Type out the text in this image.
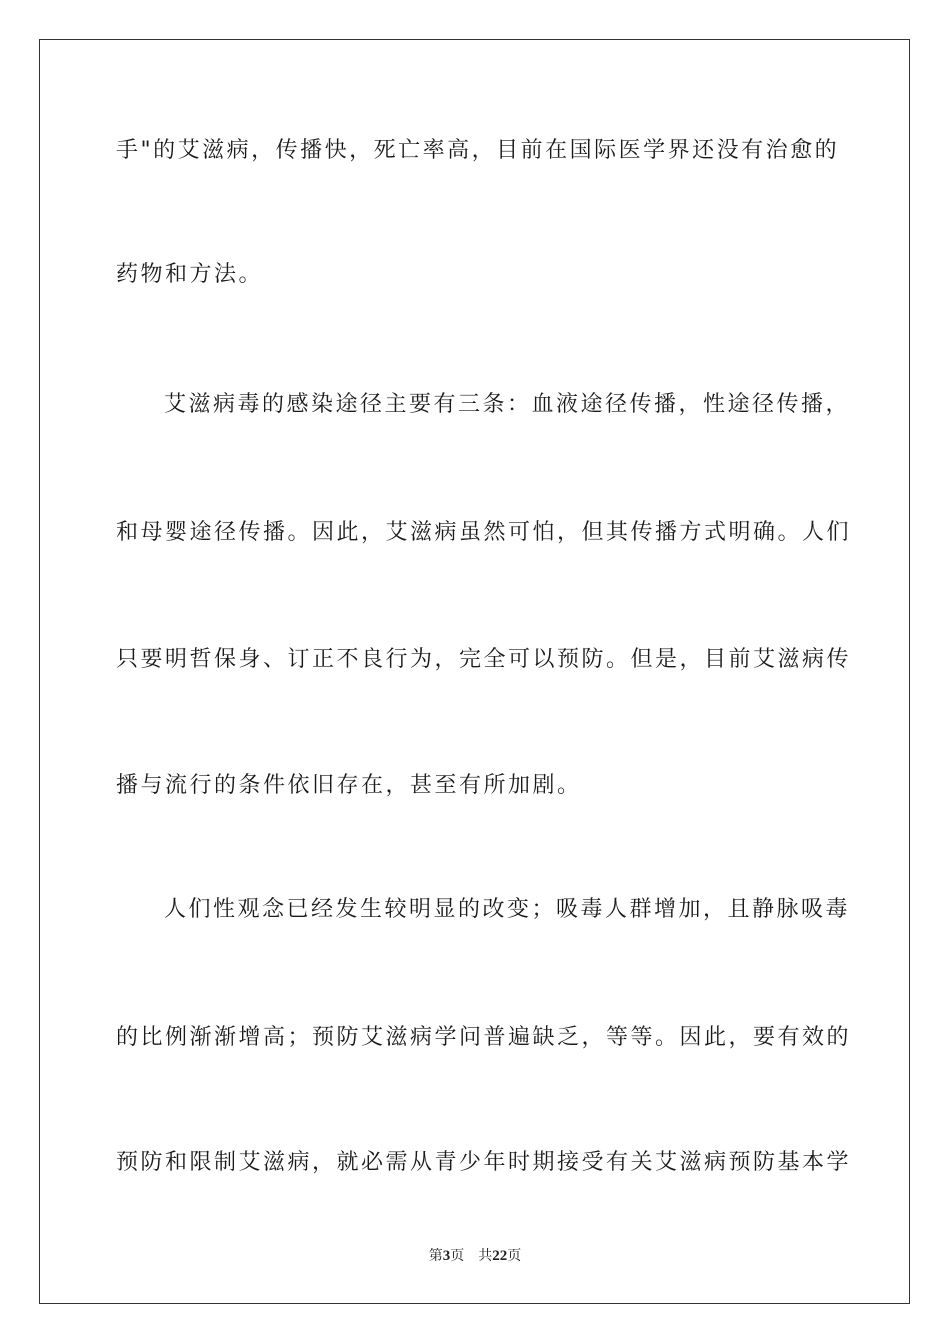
手"的艾滋病，传播快，死亡率高，目前在国际医学界还没有治愈的
药物和方法。
艾滋病毒的感染途径主要有三条：血液途径传播，性途径传播，
和母婴途径传播。因此，艾滋病虽然可怕，但其传播方式明确。人们
只要明哲保身、订正不良行为，完全可以预防。但是，目前艾滋病传
播与流行的条件依旧存在，甚至有所加剧。
人们性观念已经发生较明显的改变；吸毒人群增加，且静脉吸毒
的比例渐渐增高；预防艾滋病学问普遍缺乏，等等。因此，要有效的
预防和限制艾滋病，就必需从青少年时期接受有关艾滋病预防基本学
第3页 共22页
